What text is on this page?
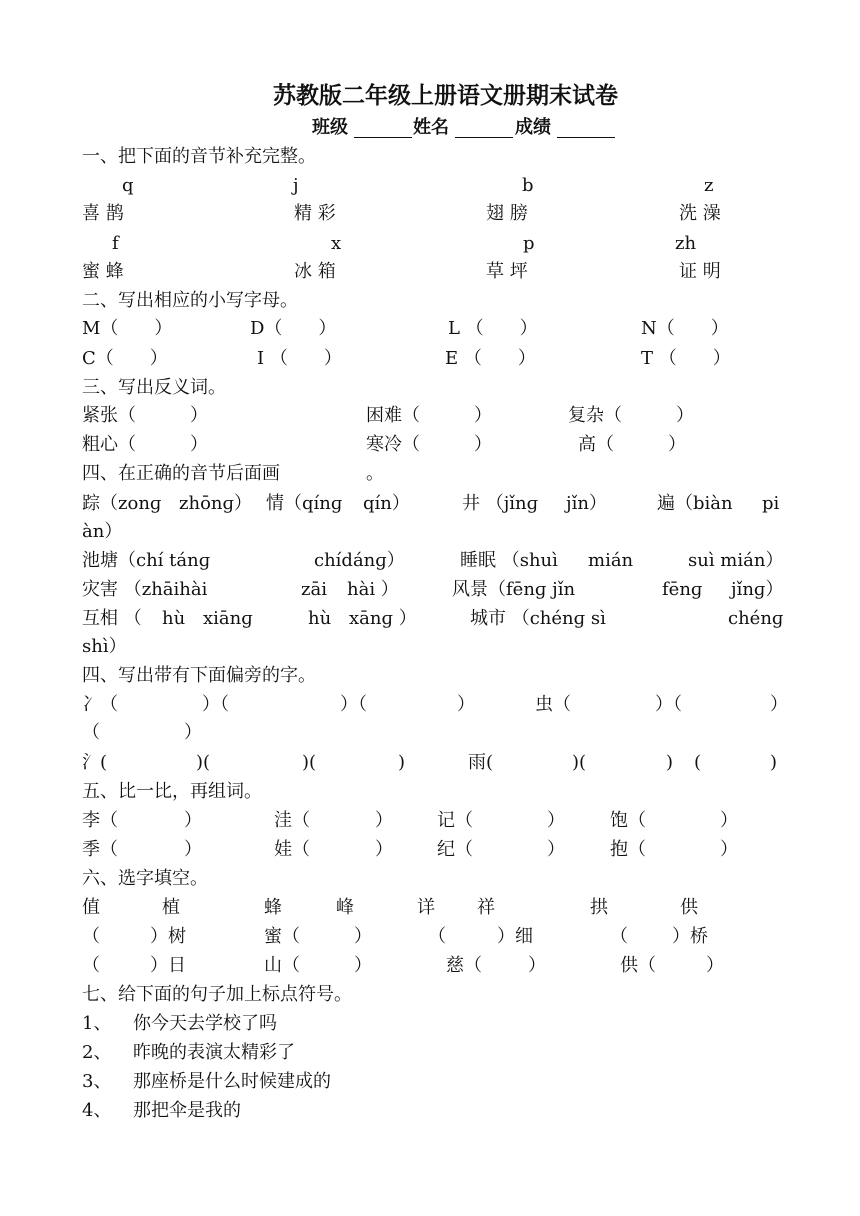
苏教版二年级上册语文册期末试卷
班级	姓名	成绩
一、把下面的音节补充完整。
q	j	b	z
喜 鹊	精 彩	翅 膀	洗 澡
f	x	p	zh
蜜 蜂	冰 箱	草 坪	证 明
二、写出相应的小写字母。
M（　　）	D（　　）	L （　　）	N（　　）
C（　　）	I （　　）	E （　　）	T （　　）
三、写出反义词。
紧张（　　　）	困难（　　　）	复杂（　　　）
粗心（　　　）	寒冷（　　　）	高（　　　）
四、在正确的音节后面画	。
踪（zonɡ zhōnɡ） 情（qínɡ qín）	井 （jǐnɡ jǐn）	遍（biàn pi
àn）
池塘（chí tánɡ	chídánɡ）	睡眠 （shuì mián	suì mián）
灾害 （zhāihài	zāi hài ）	风景（fēnɡ jǐn	fēnɡ jǐnɡ）
互相 （ hù xiānɡ	hù xānɡ ）	城市 （chénɡ sì	chénɡ
shì）
四、写出带有下面偏旁的字。
冫（	）（	）（	）	虫（	）（	）
（	）
氵(	)(	)(	)	雨(	)(	) (	)
五、比一比，再组词。
李（	）	洼（	） 记（	）	饱（	）
季（	）	娃（	） 纪（	）	抱（	）
六、选字填空。
值	植	蜂	峰	详 祥	拱	供
（	）树	蜜（	）	（	）细	（ ）桥
（	）日	山（	）	慈（	）	供（	）
七、给下面的句子加上标点符号。
1、 你今天去学校了吗
2、 昨晚的表演太精彩了
3、 那座桥是什么时候建成的
4、 那把伞是我的
